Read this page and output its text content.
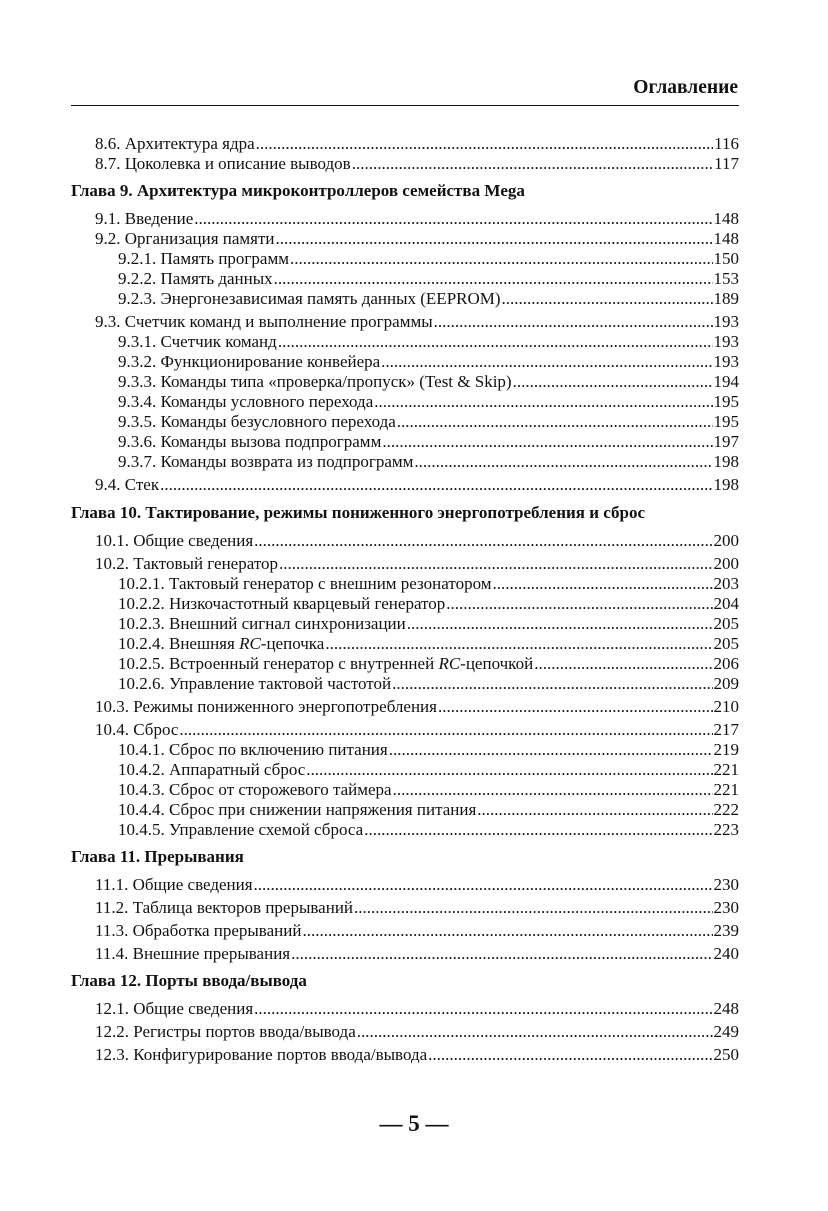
Оглавление
8.6. Архитектура ядра .....	116
8.7. Цоколевка и описание выводов .....	117
Глава 9. Архитектура микроконтроллеров семейства Mega
9.1. Введение .....	148
9.2. Организация памяти .....	148
9.2.1. Память программ .....	150
9.2.2. Память данных .....	153
9.2.3. Энергонезависимая память данных (EEPROM) .....	189
9.3. Счетчик команд и выполнение программы .....	193
9.3.1. Счетчик команд .....	193
9.3.2. Функционирование конвейера .....	193
9.3.3. Команды типа «проверка/пропуск» (Test & Skip) .....	194
9.3.4. Команды условного перехода .....	195
9.3.5. Команды безусловного перехода .....	195
9.3.6. Команды вызова подпрограмм .....	197
9.3.7. Команды возврата из подпрограмм .....	198
9.4. Стек .....	198
Глава 10. Тактирование, режимы пониженного энергопотребления и сброс
10.1. Общие сведения .....	200
10.2. Тактовый генератор .....	200
10.2.1. Тактовый генератор с внешним резонатором .....	203
10.2.2. Низкочастотный кварцевый генератор .....	204
10.2.3. Внешний сигнал синхронизации .....	205
10.2.4. Внешняя RC-цепочка .....	205
10.2.5. Встроенный генератор с внутренней RC-цепочкой .....	206
10.2.6. Управление тактовой частотой .....	209
10.3. Режимы пониженного энергопотребления .....	210
10.4. Сброс .....	217
10.4.1. Сброс по включению питания .....	219
10.4.2. Аппаратный сброс .....	221
10.4.3. Сброс от сторожевого таймера .....	221
10.4.4. Сброс при снижении напряжения питания .....	222
10.4.5. Управление схемой сброса .....	223
Глава 11. Прерывания
11.1. Общие сведения .....	230
11.2. Таблица векторов прерываний .....	230
11.3. Обработка прерываний .....	239
11.4. Внешние прерывания .....	240
Глава 12. Порты ввода/вывода
12.1. Общие сведения .....	248
12.2. Регистры портов ввода/вывода .....	249
12.3. Конфигурирование портов ввода/вывода .....	250
— 5 —
